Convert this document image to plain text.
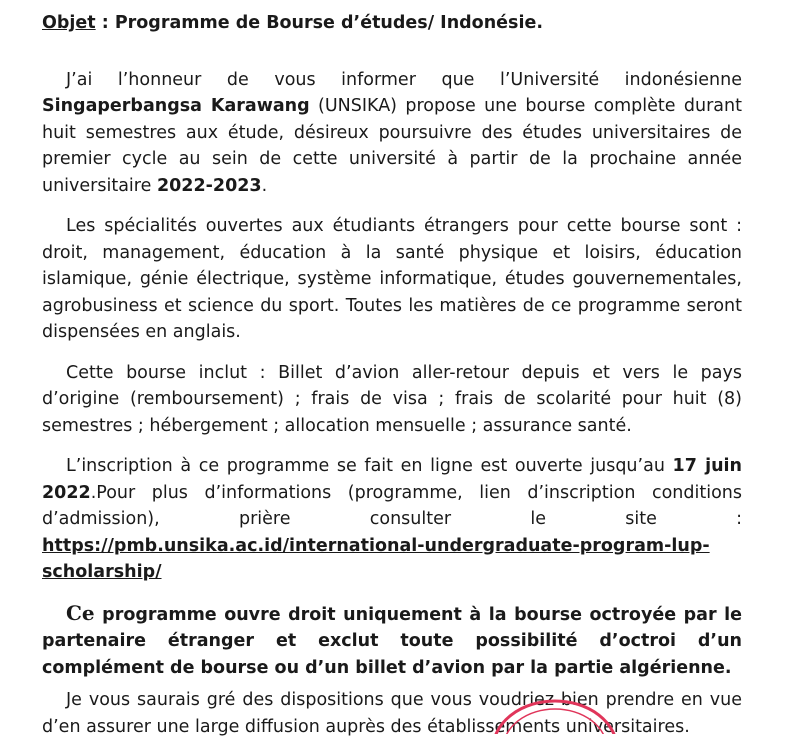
Objet : Programme de Bourse d’études/ Indonésie.

J’ai l’honneur de vous informer que l’Université indonésienne Singaperbangsa Karawang (UNSIKA) propose une bourse complète durant huit semestres aux étude, désireux poursuivre des études universitaires de premier cycle au sein de cette université à partir de la prochaine année universitaire 2022-2023.

Les spécialités ouvertes aux étudiants étrangers pour cette bourse sont : droit, management, éducation à la santé physique et loisirs, éducation islamique, génie électrique, système informatique, études gouvernementales, agrobusiness et science du sport. Toutes les matières de ce programme seront dispensées en anglais.

Cette bourse inclut : Billet d’avion aller-retour depuis et vers le pays d’origine (remboursement) ; frais de visa ; frais de scolarité pour huit (8) semestres ; hébergement ; allocation mensuelle ; assurance santé.

L’inscription à ce programme se fait en ligne est ouverte jusqu’au 17 juin 2022.Pour plus d’informations (programme, lien d’inscription conditions d’admission), prière consulter le site : https://pmb.unsika.ac.id/international-undergraduate-program-lup-scholarship/

Ce programme ouvre droit uniquement à la bourse octroyée par le partenaire étranger et exclut toute possibilité d’octroi d’un complément de bourse ou d’un billet d’avion par la partie algérienne.

Je vous saurais gré des dispositions que vous voudriez bien prendre en vue d’en assurer une large diffusion auprès des établissements universitaires.
